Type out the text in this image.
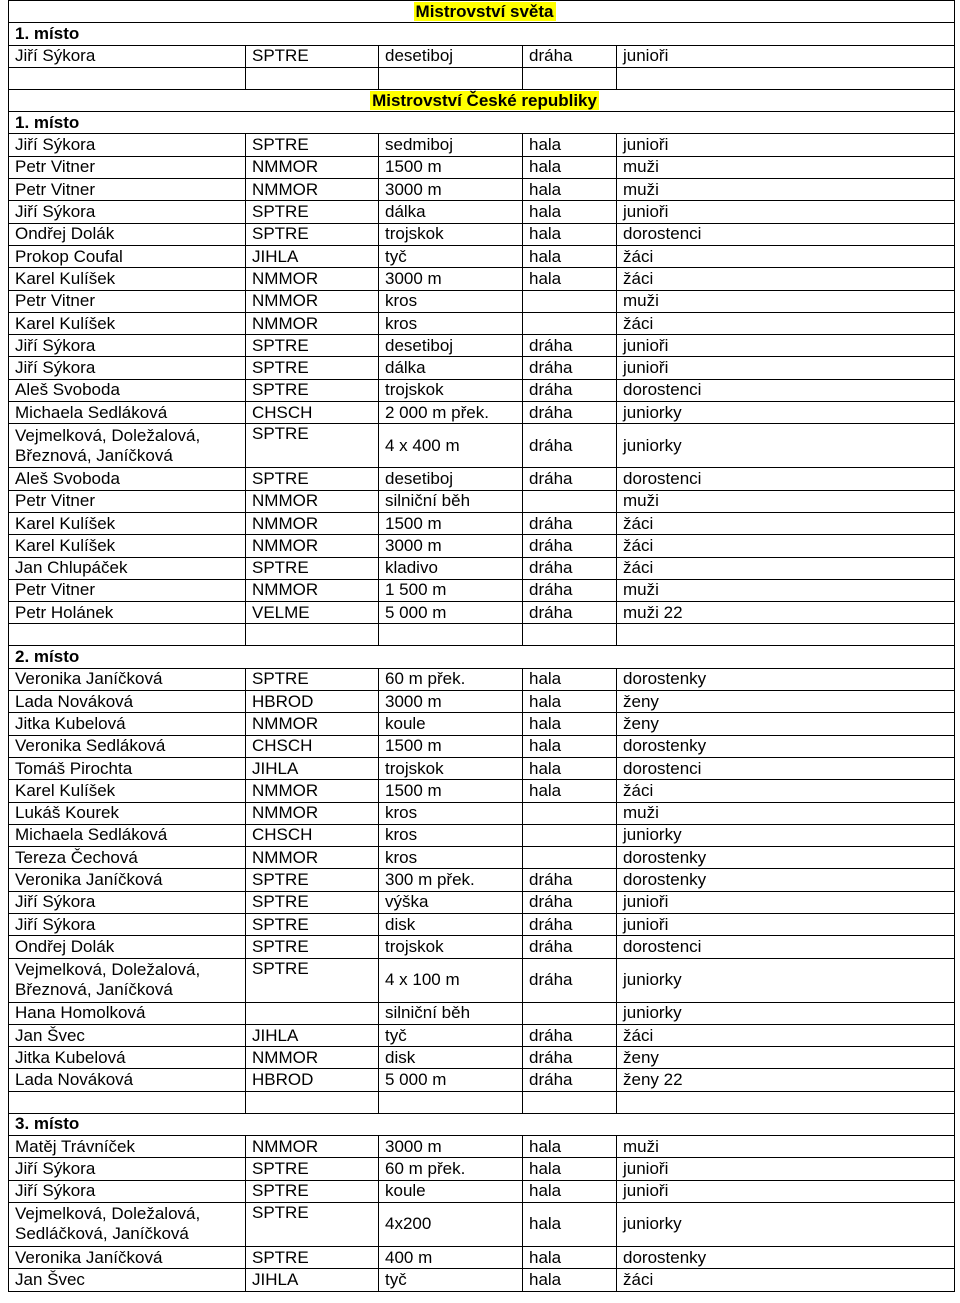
Mistrovství světa				
1. místo				
Jiří Sýkora	SPTRE	desetiboj	dráha	junioři

Mistrovství České republiky				
1. místo				
Jiří Sýkora	SPTRE	sedmiboj	hala	junioři
Petr Vitner	NMMOR	1500 m	hala	muži
Petr Vitner	NMMOR	3000 m	hala	muži
Jiří Sýkora	SPTRE	dálka	hala	junioři
Ondřej Dolák	SPTRE	trojskok	hala	dorostenci
Prokop Coufal	JIHLA	tyč	hala	žáci
Karel Kulíšek	NMMOR	3000 m	hala	žáci
Petr Vitner	NMMOR	kros		muži
Karel Kulíšek	NMMOR	kros		žáci
Jiří Sýkora	SPTRE	desetiboj	dráha	junioři
Jiří Sýkora	SPTRE	dálka	dráha	junioři
Aleš Svoboda	SPTRE	trojskok	dráha	dorostenci
Michaela Sedláková	CHSCH	2 000 m přek.	dráha	juniorky
Vejmelková, Doležalová, Březnová, Janíčková	SPTRE	4 x 400 m	dráha	juniorky
Aleš Svoboda	SPTRE	desetiboj	dráha	dorostenci
Petr Vitner	NMMOR	silniční běh		muži
Karel Kulíšek	NMMOR	1500 m	dráha	žáci
Karel Kulíšek	NMMOR	3000 m	dráha	žáci
Jan Chlupáček	SPTRE	kladivo	dráha	žáci
Petr Vitner	NMMOR	1 500 m	dráha	muži
Petr Holánek	VELME	5 000 m	dráha	muži 22

2. místo				
Veronika Janíčková	SPTRE	60 m přek.	hala	dorostenky
Lada Nováková	HBROD	3000 m	hala	ženy
Jitka Kubelová	NMMOR	koule	hala	ženy
Veronika Sedláková	CHSCH	1500 m	hala	dorostenky
Tomáš Pirochta	JIHLA	trojskok	hala	dorostenci
Karel Kulíšek	NMMOR	1500 m	hala	žáci
Lukáš Kourek	NMMOR	kros		muži
Michaela Sedláková	CHSCH	kros		juniorky
Tereza Čechová	NMMOR	kros		dorostenky
Veronika Janíčková	SPTRE	300 m přek.	dráha	dorostenky
Jiří Sýkora	SPTRE	výška	dráha	junioři
Jiří Sýkora	SPTRE	disk	dráha	junioři
Ondřej Dolák	SPTRE	trojskok	dráha	dorostenci
Vejmelková, Doležalová, Březnová, Janíčková	SPTRE	4 x 100 m	dráha	juniorky
Hana Homolková		silniční běh		juniorky
Jan Švec	JIHLA	tyč	dráha	žáci
Jitka Kubelová	NMMOR	disk	dráha	ženy
Lada Nováková	HBROD	5 000 m	dráha	ženy 22

3. místo				
Matěj Trávníček	NMMOR	3000 m	hala	muži
Jiří Sýkora	SPTRE	60 m přek.	hala	junioři
Jiří Sýkora	SPTRE	koule	hala	junioři
Vejmelková, Doležalová, Sedláčková, Janíčková	SPTRE	4x200	hala	juniorky
Veronika Janíčková	SPTRE	400 m	hala	dorostenky
Jan Švec	JIHLA	tyč	hala	žáci
